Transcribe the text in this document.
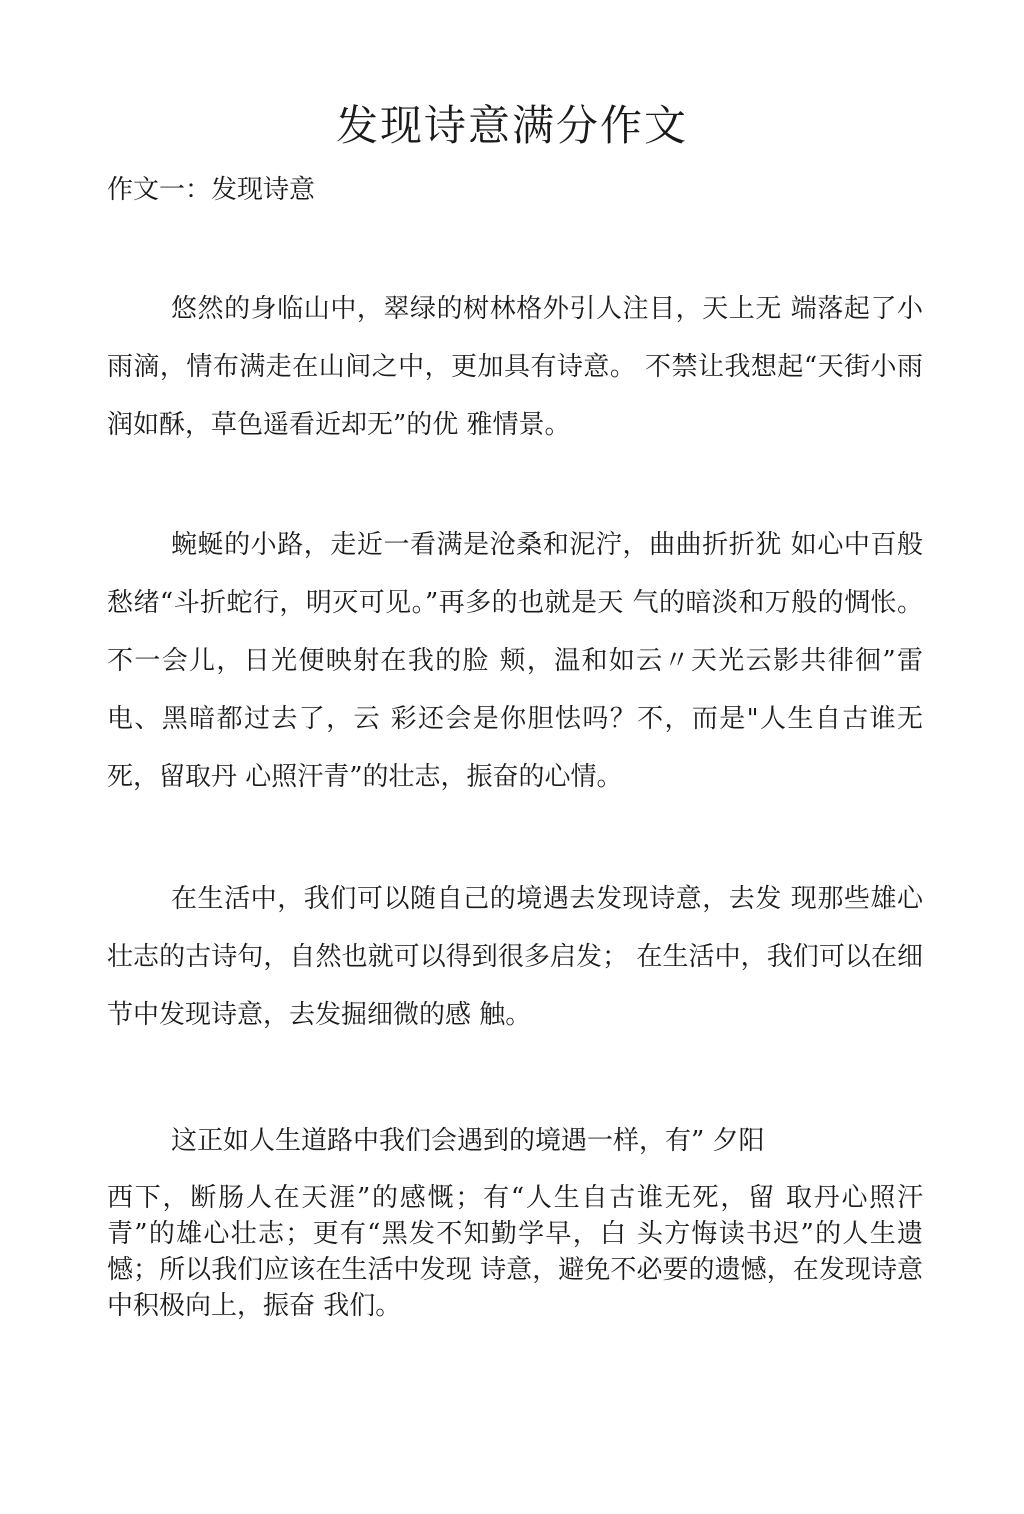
发现诗意满分作文

作文一：发现诗意

悠然的身临山中，翠绿的树林格外引人注目，天上无 端落起了小雨滴，情布满走在山间之中，更加具有诗意。 不禁让我想起“天街小雨润如酥，草色遥看近却无”的优 雅情景。

蜿蜒的小路，走近一看满是沧桑和泥泞，曲曲折折犹 如心中百般愁绪“斗折蛇行，明灭可见。”再多的也就是天 气的暗淡和万般的惆怅。不一会儿，日光便映射在我的脸 颊，温和如云〃天光云影共徘徊”雷电、黑暗都过去了，云 彩还会是你胆怯吗？不，而是"人生自古谁无死，留取丹 心照汗青”的壮志，振奋的心情。

在生活中，我们可以随自己的境遇去发现诗意，去发 现那些雄心壮志的古诗句，自然也就可以得到很多启发； 在生活中，我们可以在细节中发现诗意，去发掘细微的感 触。

这正如人生道路中我们会遇到的境遇一样，有” 夕阳

西下，断肠人在天涯”的感慨；有“人生自古谁无死，留 取丹心照汗青”的雄心壮志；更有“黑发不知勤学早，白 头方悔读书迟”的人生遗憾；所以我们应该在生活中发现 诗意，避免不必要的遗憾，在发现诗意中积极向上，振奋 我们。
